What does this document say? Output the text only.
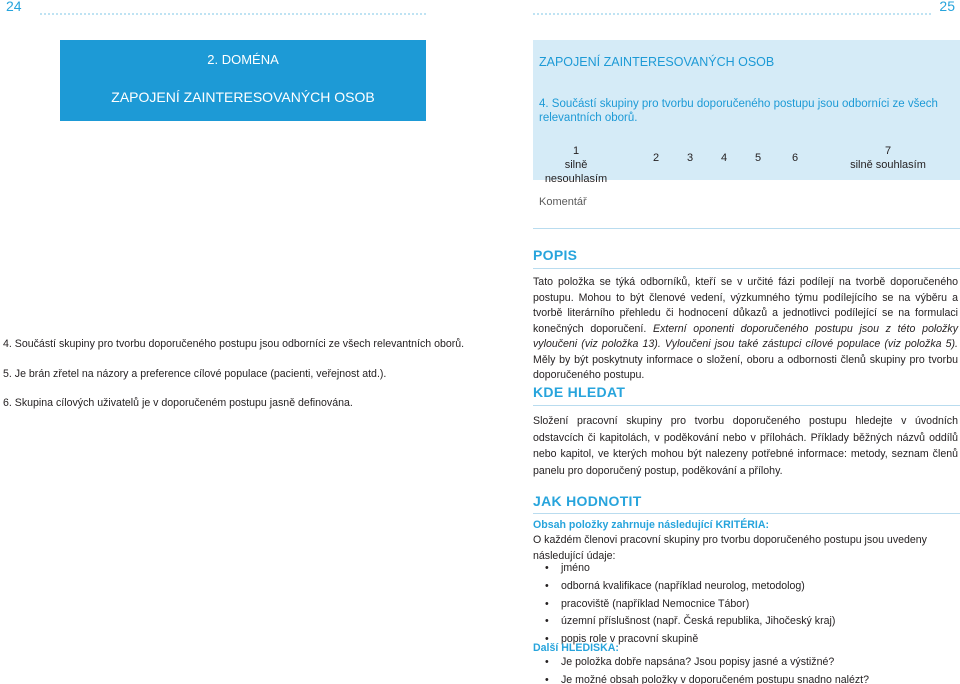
24	25
2. DOMÉNA
ZAPOJENÍ ZAINTERESOVANÝCH OSOB
4. Součástí skupiny pro tvorbu doporučeného postupu jsou odborníci ze všech relevantních oborů.
5. Je brán zřetel na názory a preference cílové populace (pacienti, veřejnost atd.).
6. Skupina cílových uživatelů je v doporučeném postupu jasně definována.
ZAPOJENÍ ZAINTERESOVANÝCH OSOB
4. Součástí skupiny pro tvorbu doporučeného postupu jsou odborníci ze všech relevantních oborů.
1
silně nesouhlasím
2	3	4	5	6
7
silně souhlasím
Komentář
POPIS
Tato položka se týká odborníků, kteří se v určité fázi podílejí na tvorbě doporučeného postupu. Mohou to být členové vedení, výzkumného týmu podílejícího se na výběru a tvorbě literárního přehledu či hodnocení důkazů a jednotlivci podílející se na formulaci konečných doporučení. Externí oponenti doporučeného postupu jsou z této položky vyloučeni (viz položka 13). Vyloučeni jsou také zástupci cílové populace (viz položka 5). Měly by být poskytnuty informace o složení, oboru a odbornosti členů skupiny pro tvorbu doporučeného postupu.
KDE HLEDAT
Složení pracovní skupiny pro tvorbu doporučeného postupu hledejte v úvodních odstavcích či kapitolách, v poděkování nebo v přílohách. Příklady běžných názvů oddílů nebo kapitol, ve kterých mohou být nalezeny potřebné informace: metody, seznam členů panelu pro doporučený postup, poděkování a přílohy.
JAK HODNOTIT
Obsah položky zahrnuje následující KRITÉRIA:
O každém členovi pracovní skupiny pro tvorbu doporučeného postupu jsou uvedeny následující údaje:
• jméno
• odborná kvalifikace (například neurolog, metodolog)
• pracoviště (například Nemocnice Tábor)
• územní příslušnost (např. Česká republika, Jihočeský kraj)
• popis role v pracovní skupině
Další HLEDISKA:
• Je položka dobře napsána? Jsou popisy jasné a výstižné?
• Je možné obsah položky v doporučeném postupu snadno nalézt?
